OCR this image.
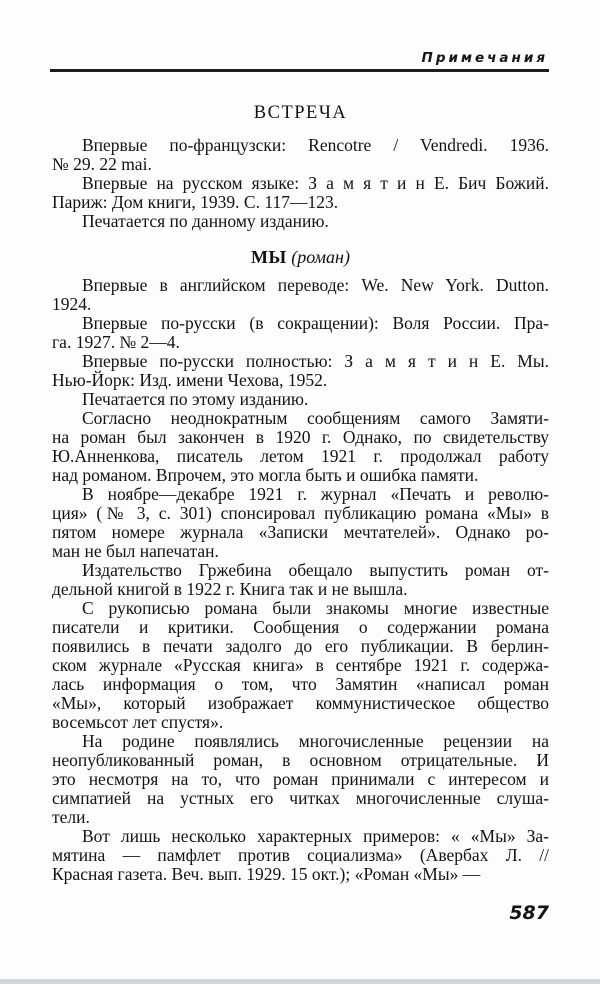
Примечания
ВСТРЕЧА
Впервые по-французски: Rencotre / Vendredi. 1936.
№ 29. 22 mai.
Впервые на русском языке: З а м я т и н Е. Бич Божий.
Париж: Дом книги, 1939. С. 117—123.
Печатается по данному изданию.
МЫ (роман)
Впервые в английском переводе: We. New York. Dutton.
1924.
Впервые по-русски (в сокращении): Воля России. Пра-
га. 1927. № 2—4.
Впервые по-русски полностью: З а м я т и н Е. Мы.
Нью-Йорк: Изд. имени Чехова, 1952.
Печатается по этому изданию.
Согласно неоднократным сообщениям самого Замяти-
на роман был закончен в 1920 г. Однако, по свидетельству
Ю.Анненкова, писатель летом 1921 г. продолжал работу
над романом. Впрочем, это могла быть и ошибка памяти.
В ноябре—декабре 1921 г. журнал «Печать и револю-
ция» (№ 3, с. 301) спонсировал публикацию романа «Мы» в
пятом номере журнала «Записки мечтателей». Однако ро-
ман не был напечатан.
Издательство Гржебина обещало выпустить роман от-
дельной книгой в 1922 г. Книга так и не вышла.
С рукописью романа были знакомы многие известные
писатели и критики. Сообщения о содержании романа
появились в печати задолго до его публикации. В берлин-
ском журнале «Русская книга» в сентябре 1921 г. содержа-
лась информация о том, что Замятин «написал роман
«Мы», который изображает коммунистическое общество
восемьсот лет спустя».
На родине появлялись многочисленные рецензии на
неопубликованный роман, в основном отрицательные. И
это несмотря на то, что роман принимали с интересом и
симпатией на устных его читках многочисленные слуша-
тели.
Вот лишь несколько характерных примеров: « «Мы» За-
мятина — памфлет против социализма» (Авербах Л. //
Красная газета. Веч. вып. 1929. 15 окт.); «Роман «Мы» —
587
